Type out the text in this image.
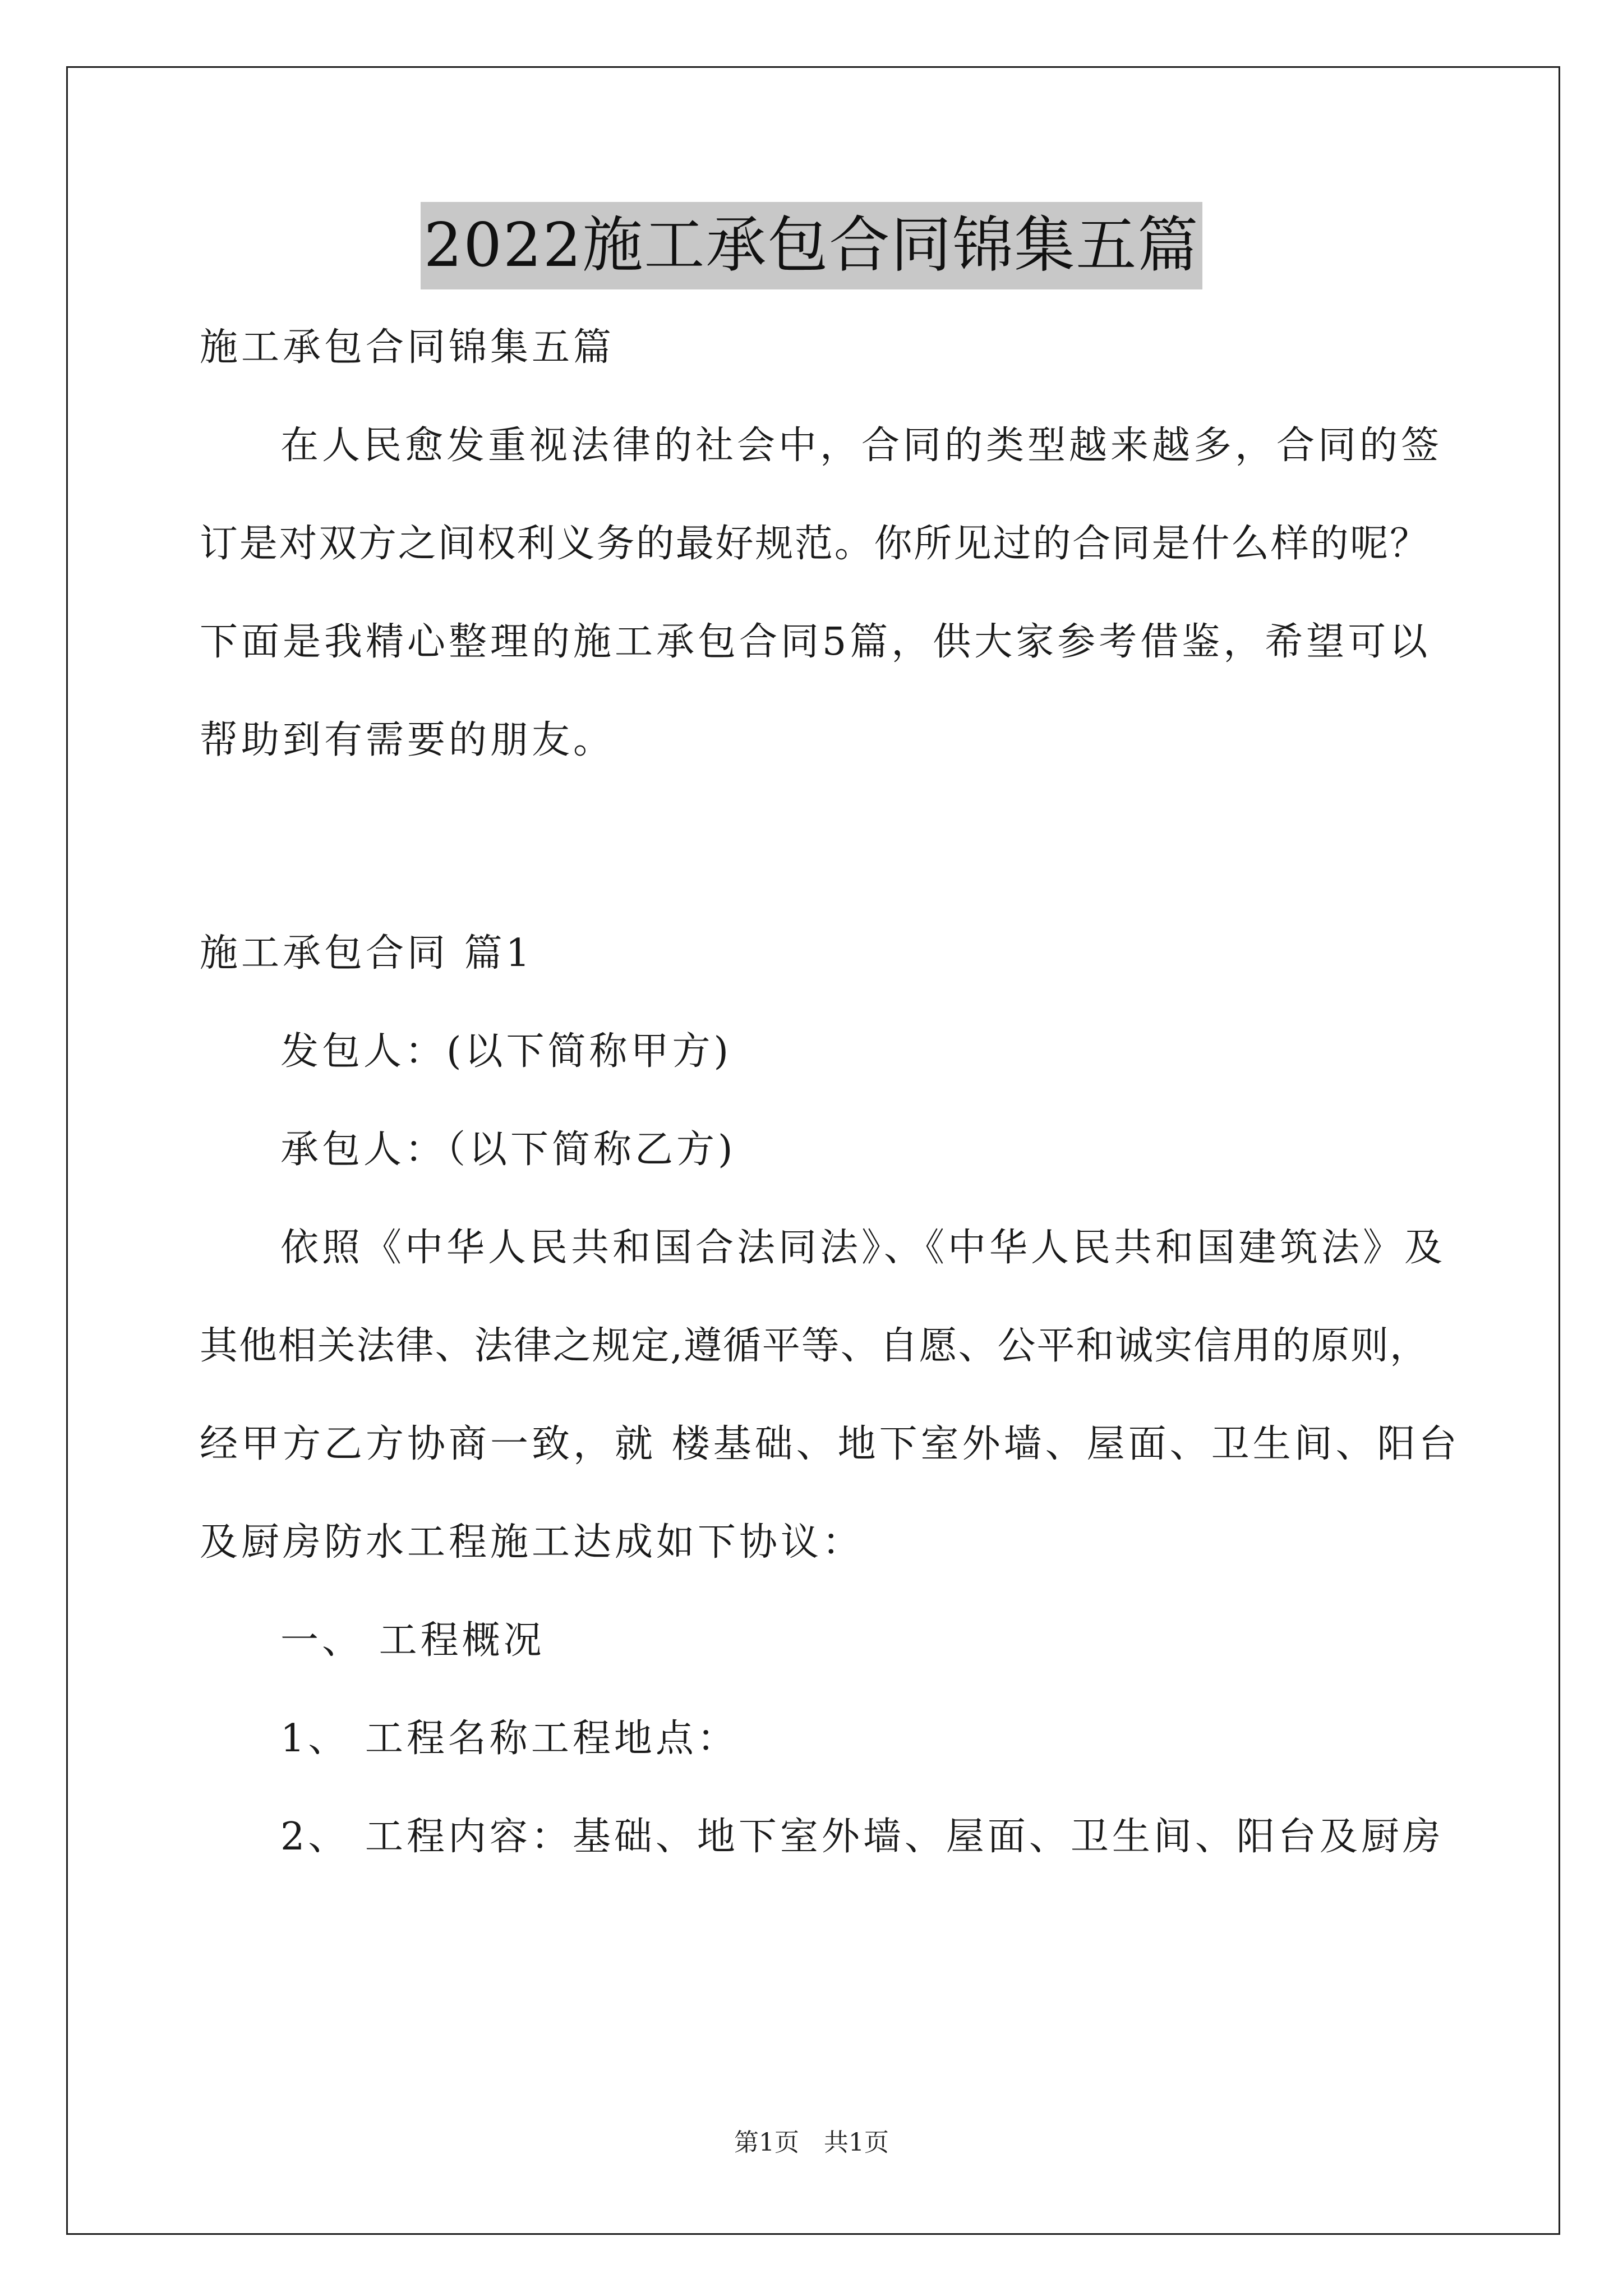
2022施工承包合同锦集五篇
施工承包合同锦集五篇
在人民愈发重视法律的社会中，合同的类型越来越多，合同的签
订是对双方之间权利义务的最好规范。你所见过的合同是什么样的呢？
下面是我精心整理的施工承包合同5篇，供大家参考借鉴，希望可以
帮助到有需要的朋友。
施工承包合同 篇1
发包人：(以下简称甲方)
承包人：（以下简称乙方)
依照《中华人民共和国合法同法》、《中华人民共和国建筑法》及
其他相关法律、法律之规定,遵循平等、自愿、公平和诚实信用的原则，
经甲方乙方协商一致，就 楼基础、地下室外墙、屋面、卫生间、阳台
及厨房防水工程施工达成如下协议：
一、 工程概况
1、 工程名称工程地点：
2、 工程内容：基础、地下室外墙、屋面、卫生间、阳台及厨房
第1页　共1页
